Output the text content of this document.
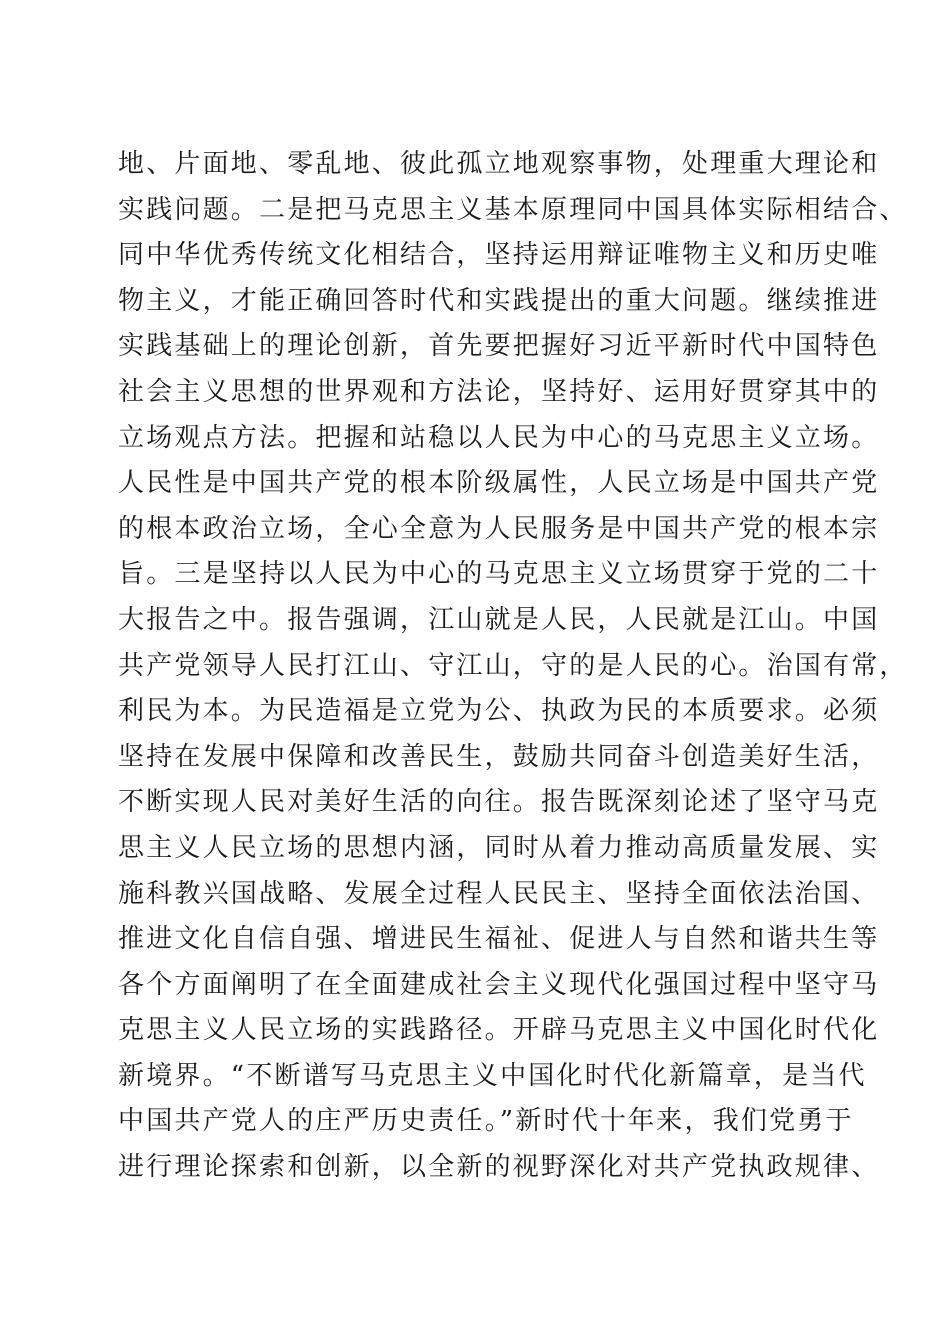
地、片面地、零乱地、彼此孤立地观察事物，处理重大理论和
实践问题。二是把马克思主义基本原理同中国具体实际相结合、
同中华优秀传统文化相结合，坚持运用辩证唯物主义和历史唯
物主义，才能正确回答时代和实践提出的重大问题。继续推进
实践基础上的理论创新，首先要把握好习近平新时代中国特色
社会主义思想的世界观和方法论，坚持好、运用好贯穿其中的
立场观点方法。把握和站稳以人民为中心的马克思主义立场。
人民性是中国共产党的根本阶级属性，人民立场是中国共产党
的根本政治立场，全心全意为人民服务是中国共产党的根本宗
旨。三是坚持以人民为中心的马克思主义立场贯穿于党的二十
大报告之中。报告强调，江山就是人民，人民就是江山。中国
共产党领导人民打江山、守江山，守的是人民的心。治国有常，
利民为本。为民造福是立党为公、执政为民的本质要求。必须
坚持在发展中保障和改善民生，鼓励共同奋斗创造美好生活，
不断实现人民对美好生活的向往。报告既深刻论述了坚守马克
思主义人民立场的思想内涵，同时从着力推动高质量发展、实
施科教兴国战略、发展全过程人民民主、坚持全面依法治国、
推进文化自信自强、增进民生福祉、促进人与自然和谐共生等
各个方面阐明了在全面建成社会主义现代化强国过程中坚守马
克思主义人民立场的实践路径。开辟马克思主义中国化时代化
新境界。“不断谱写马克思主义中国化时代化新篇章，是当代
中国共产党人的庄严历史责任。”新时代十年来，我们党勇于
进行理论探索和创新，以全新的视野深化对共产党执政规律、
